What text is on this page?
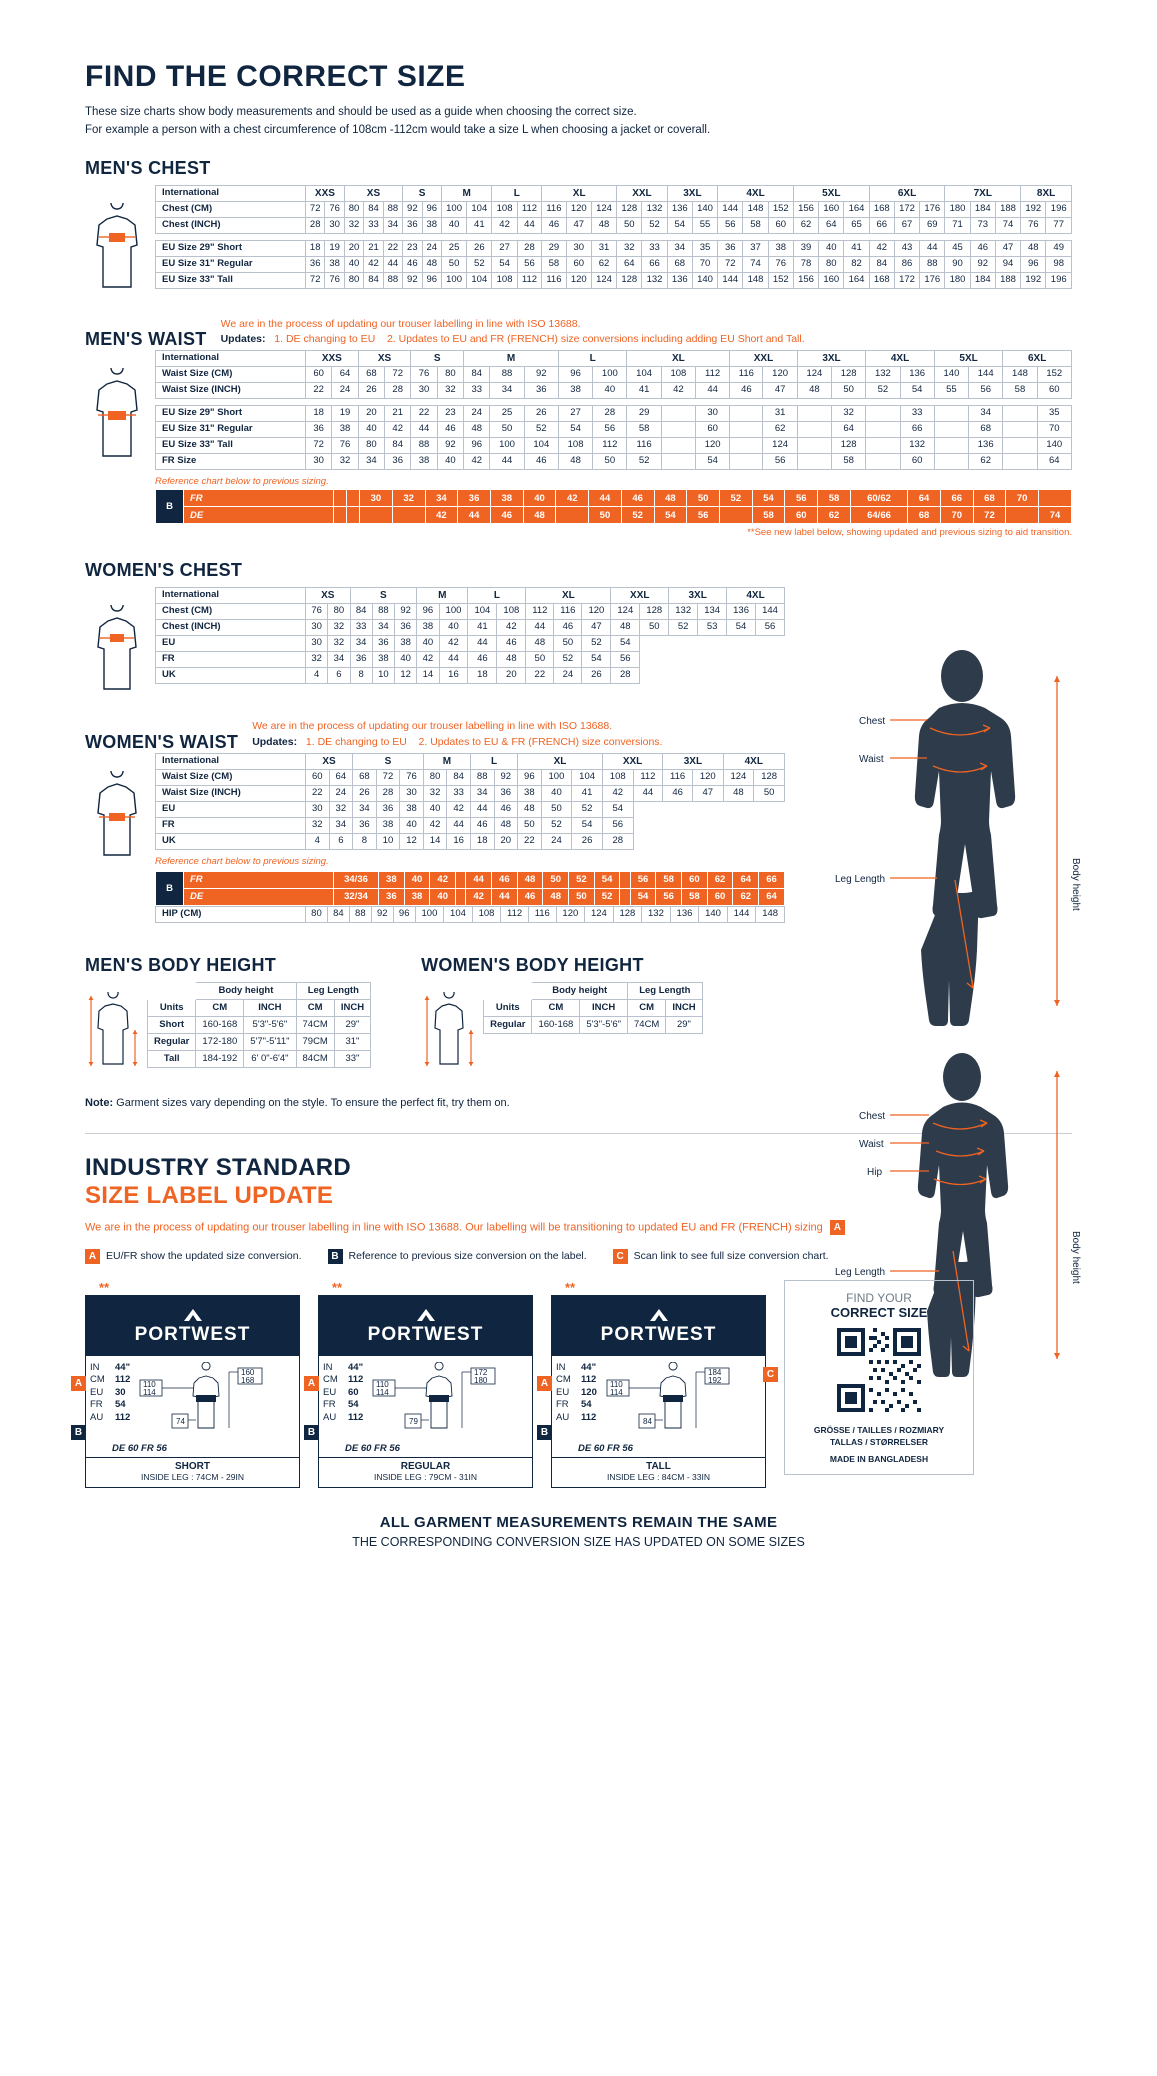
FIND THE CORRECT SIZE
These size charts show body measurements and should be used as a guide when choosing the correct size.
For example a person with a chest circumference of 108cm -112cm would take a size L when choosing a jacket or coverall.
MEN'S CHEST
International	XXS		XS			S		M		L		XL			XXL		3XL		4XL			5XL			6XL			7XL			8XL	
Chest (CM)	72	76	80	84	88	92	96	100	104	108	112	116	120	124	128	132	136	140	144	148	152	156	160	164	168	172	176	180	184	188	192	196
Chest (INCH)	28	30	32	33	34	36	38	40	41	42	44	46	47	48	50	52	54	55	56	58	60	62	64	65	66	67	69	71	73	74	76	77

EU Size 29" Short	18	19	20	21	22	23	24	25	26	27	28	29	30	31	32	33	34	35	36	37	38	39	40	41	42	43	44	45	46	47	48	49
EU Size 31" Regular	36	38	40	42	44	46	48	50	52	54	56	58	60	62	64	66	68	70	72	74	76	78	80	82	84	86	88	90	92	94	96	98
EU Size 33" Tall	72	76	80	84	88	92	96	100	104	108	112	116	120	124	128	132	136	140	144	148	152	156	160	164	168	172	176	180	184	188	192	196
MEN'S WAIST
We are in the process of updating our trouser labelling in line with ISO 13688.
Updates: 1. DE changing to EU 2. Updates to EU and FR (FRENCH) size conversions including adding EU Short and Tall.
International	XXS		XS		S		M			L		XL			XXL		3XL		4XL		5XL		6XL	
Waist Size (CM)	60	64	68	72	76	80	84	88	92	96	100	104	108	112	116	120	124	128	132	136	140	144	148	152
Waist Size (INCH)	22	24	26	28	30	32	33	34	36	38	40	41	42	44	46	47	48	50	52	54	55	56	58	60

EU Size 29" Short	18	19	20	21	22	23	24	25	26	27	28	29		30		31		32		33		34		35
EU Size 31" Regular	36	38	40	42	44	46	48	50	52	54	56	58		60		62		64		66		68		70
EU Size 33" Tall	72	76	80	84	88	92	96	100	104	108	112	116		120		124		128		132		136		140
FR Size	30	32	34	36	38	40	42	44	46	48	50	52		54		56		58		60		62		64
Reference chart below to previous sizing.
B	FR			30	32	34	36	38	40	42	44	46	48	50	52	54	56	58	60/62	64	66	68	70	
	DE					42	44	46	48		50	52	54	56		58	60	62	64/66	68	70	72		74
**See new label below, showing updated and previous sizing to aid transition.
WOMEN'S CHEST
International	XS		S			M		L		XL			XXL		3XL		4XL	
Chest (CM)	76	80	84	88	92	96	100	104	108	112	116	120	124	128	132	134	136	144
Chest (INCH)	30	32	33	34	36	38	40	41	42	44	46	47	48	50	52	53	54	56
EU	30	32	34	36	38	40	42	44	46	48	50	52	54					
FR	32	34	36	38	40	42	44	46	48	50	52	54	56					
UK	4	6	8	10	12	14	16	18	20	22	24	26	28					
WOMEN'S WAIST
We are in the process of updating our trouser labelling in line with ISO 13688.
Updates: 1. DE changing to EU 2. Updates to EU & FR (FRENCH) size conversions.
International	XS		S			M		L		XL			XXL		3XL		4XL	
Waist Size (CM)	60	64	68	72	76	80	84	88	92	96	100	104	108	112	116	120	124	128
Waist Size (INCH)	22	24	26	28	30	32	33	34	36	38	40	41	42	44	46	47	48	50
EU	30	32	34	36	38	40	42	44	46	48	50	52	54					
FR	32	34	36	38	40	42	44	46	48	50	52	54	56					
UK	4	6	8	10	12	14	16	18	20	22	24	26	28					
Reference chart below to previous sizing.
B	FR	34/36	38	40	42		44	46	48	50	52	54		56	58	60	62	64	66
	DE	32/34	36	38	40		42	44	46	48	50	52		54	56	58	60	62	64
HIP (CM)	80	84	88	92	96	100	104	108	112	116	120	124	128	132	136	140	144	148
MEN'S BODY HEIGHT
	Body height		Leg Length	
Units	CM	INCH	CM	INCH
Short	160-168	5'3"-5'6"	74CM	29"
Regular	172-180	5'7"-5'11"	79CM	31"
Tall	184-192	6' 0"-6'4"	84CM	33"
WOMEN'S BODY HEIGHT
	Body height		Leg Length	
Units	CM	INCH	CM	INCH
Regular	160-168	5'3"-5'6"	74CM	29"
Note: Garment sizes vary depending on the style. To ensure the perfect fit, try them on.
Chest
Waist
Leg Length	Body height

Chest
Waist
Hip
Leg Length	Body height
INDUSTRY STANDARD
SIZE LABEL UPDATE
We are in the process of updating our trouser labelling in line with ISO 13688. Our labelling will be transitioning to updated EU and FR (FRENCH) sizing A
A EU/FR show the updated size conversion.	B Reference to previous size conversion on the label.	C Scan link to see full size conversion chart.
**
PORTWEST
IN	44"
CM	112
EU	30
FR	54
AU	112
110
114
160
168
74
DE 60 FR 56
SHORT
INSIDE LEG : 74CM - 29IN
A
B
**
PORTWEST
IN	44"
CM	112
EU	60
FR	54
AU	112
110
114
172
180
79
DE 60 FR 56
REGULAR
INSIDE LEG : 79CM - 31IN
A
B
**
PORTWEST
IN	44"
CM	112
EU	120
FR	54
AU	112
110
114
184
192
84
DE 60 FR 56
TALL
INSIDE LEG : 84CM - 33IN
A
B
C
FIND YOUR
CORRECT SIZE
GRÖSSE / TAILLES / ROZMIARY
TALLAS / STØRRELSER
MADE IN BANGLADESH
ALL GARMENT MEASUREMENTS REMAIN THE SAME
THE CORRESPONDING CONVERSION SIZE HAS UPDATED ON SOME SIZES
